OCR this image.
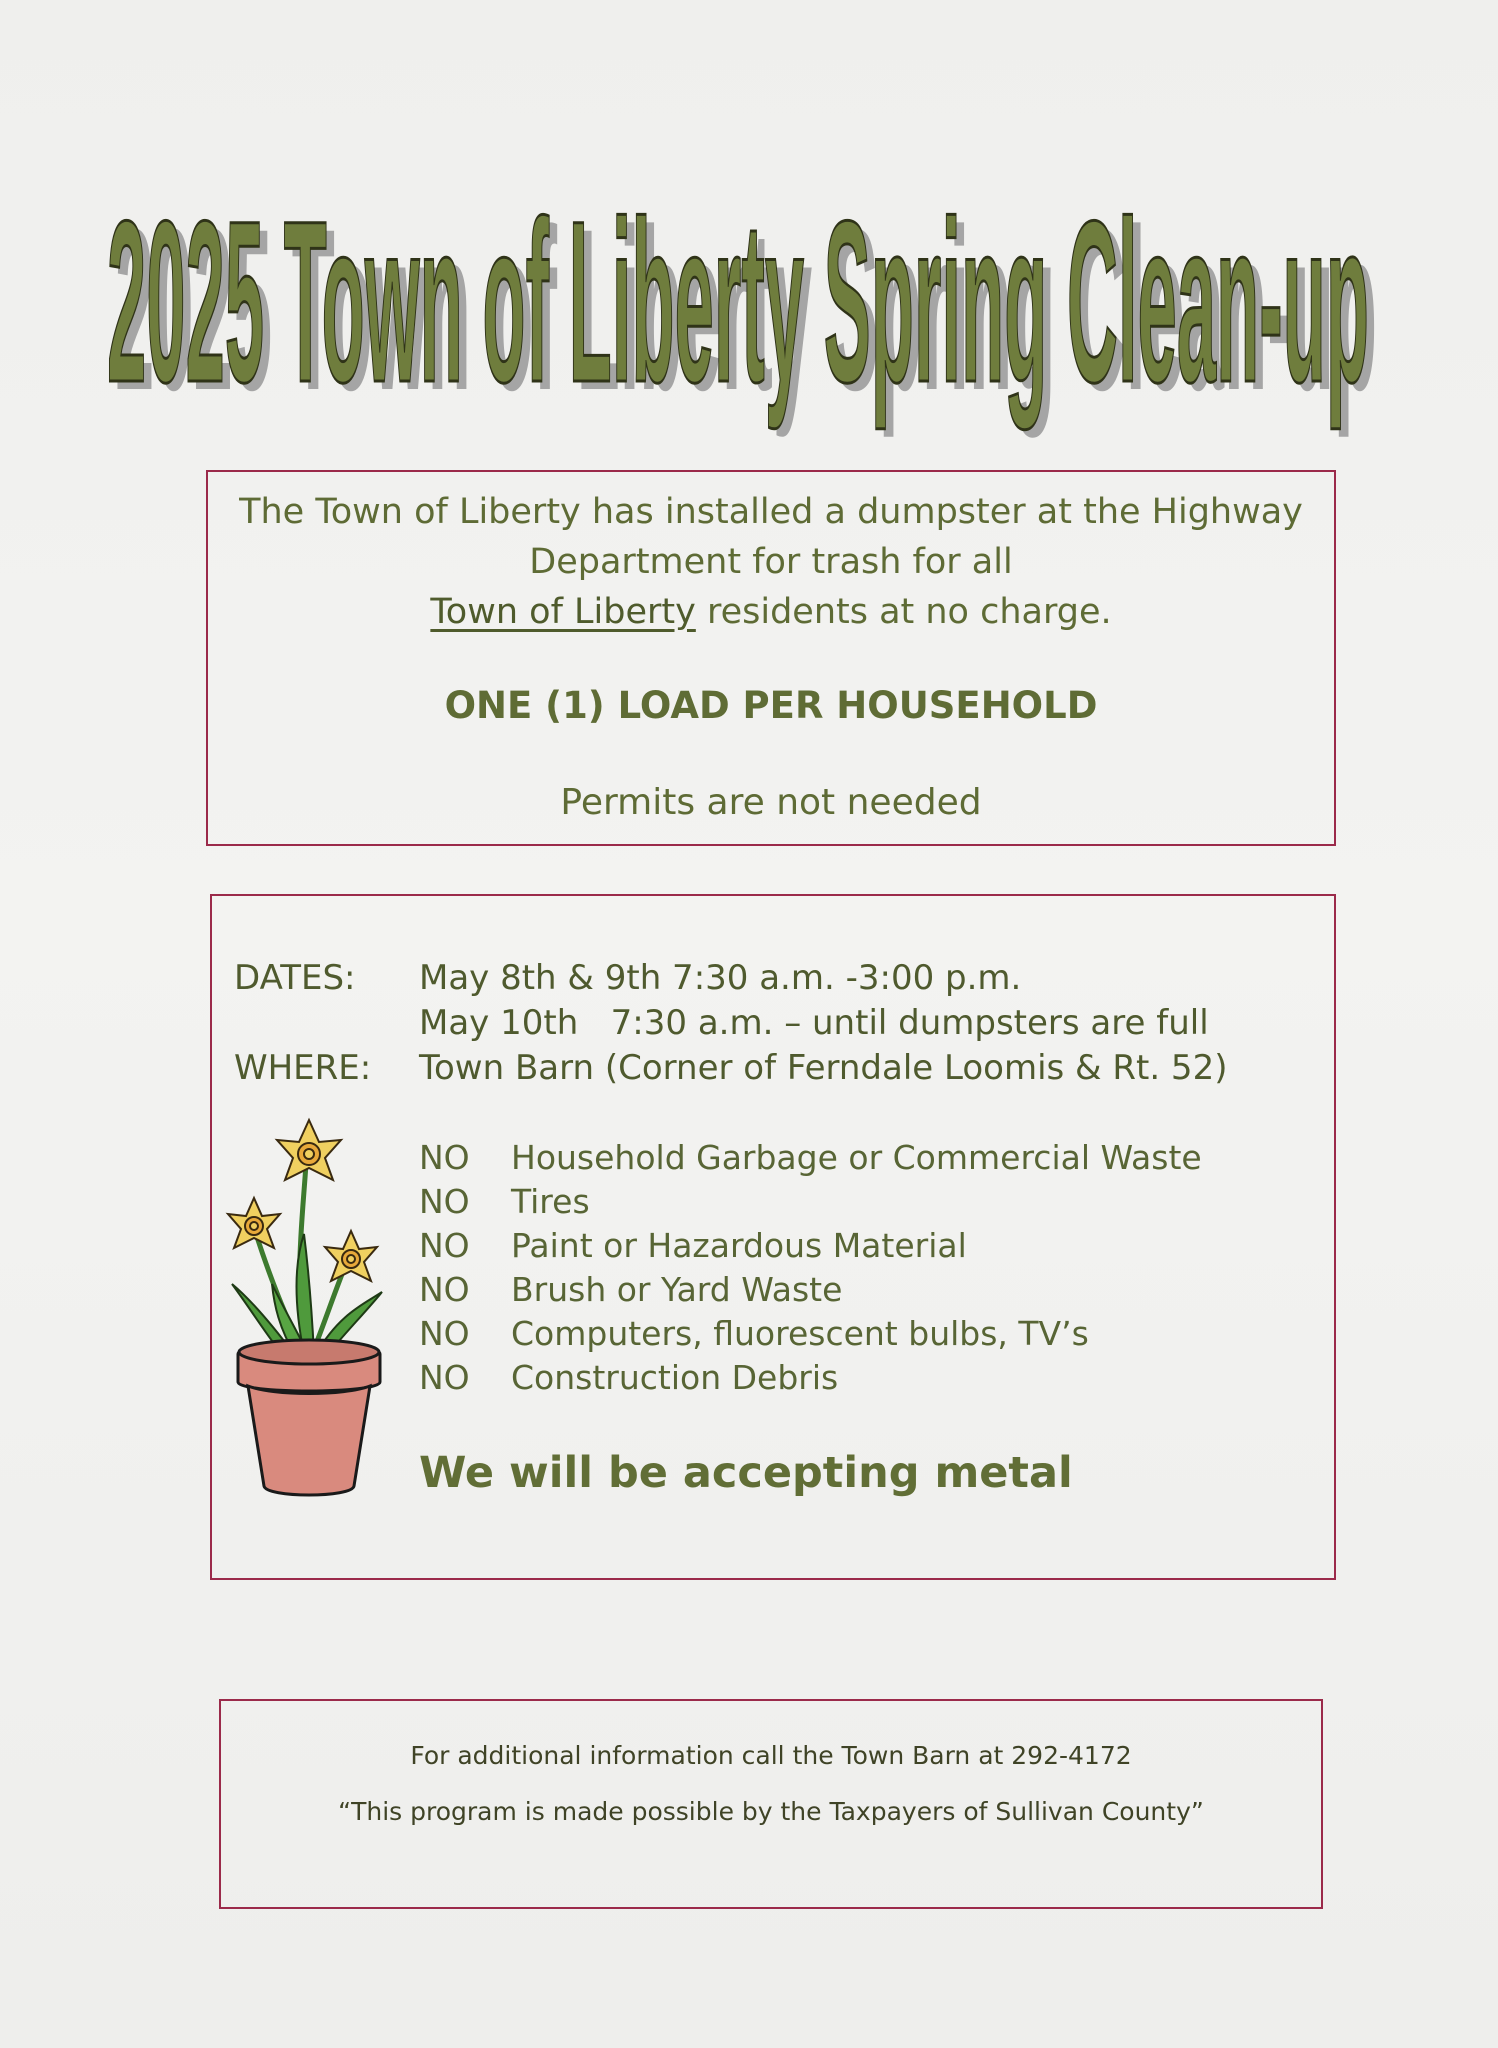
2025 Town of Liberty Spring Clean-up
2025 Town of Liberty Spring Clean-up
The Town of Liberty has installed a dumpster at the Highway
Department for trash for all
Town of Liberty residents at no charge.
ONE (1) LOAD PER HOUSEHOLD
Permits are not needed
DATES: May 8th & 9th 7:30 a.m. -3:00 p.m.
May 10th   7:30 a.m. – until dumpsters are full
WHERE: Town Barn (Corner of Ferndale Loomis & Rt. 52)
NO Household Garbage or Commercial Waste
NO Tires
NO Paint or Hazardous Material
NO Brush or Yard Waste
NO Computers, fluorescent bulbs, TV’s
NO Construction Debris
We will be accepting metal
For additional information call the Town Barn at 292-4172
“This program is made possible by the Taxpayers of Sullivan County”
